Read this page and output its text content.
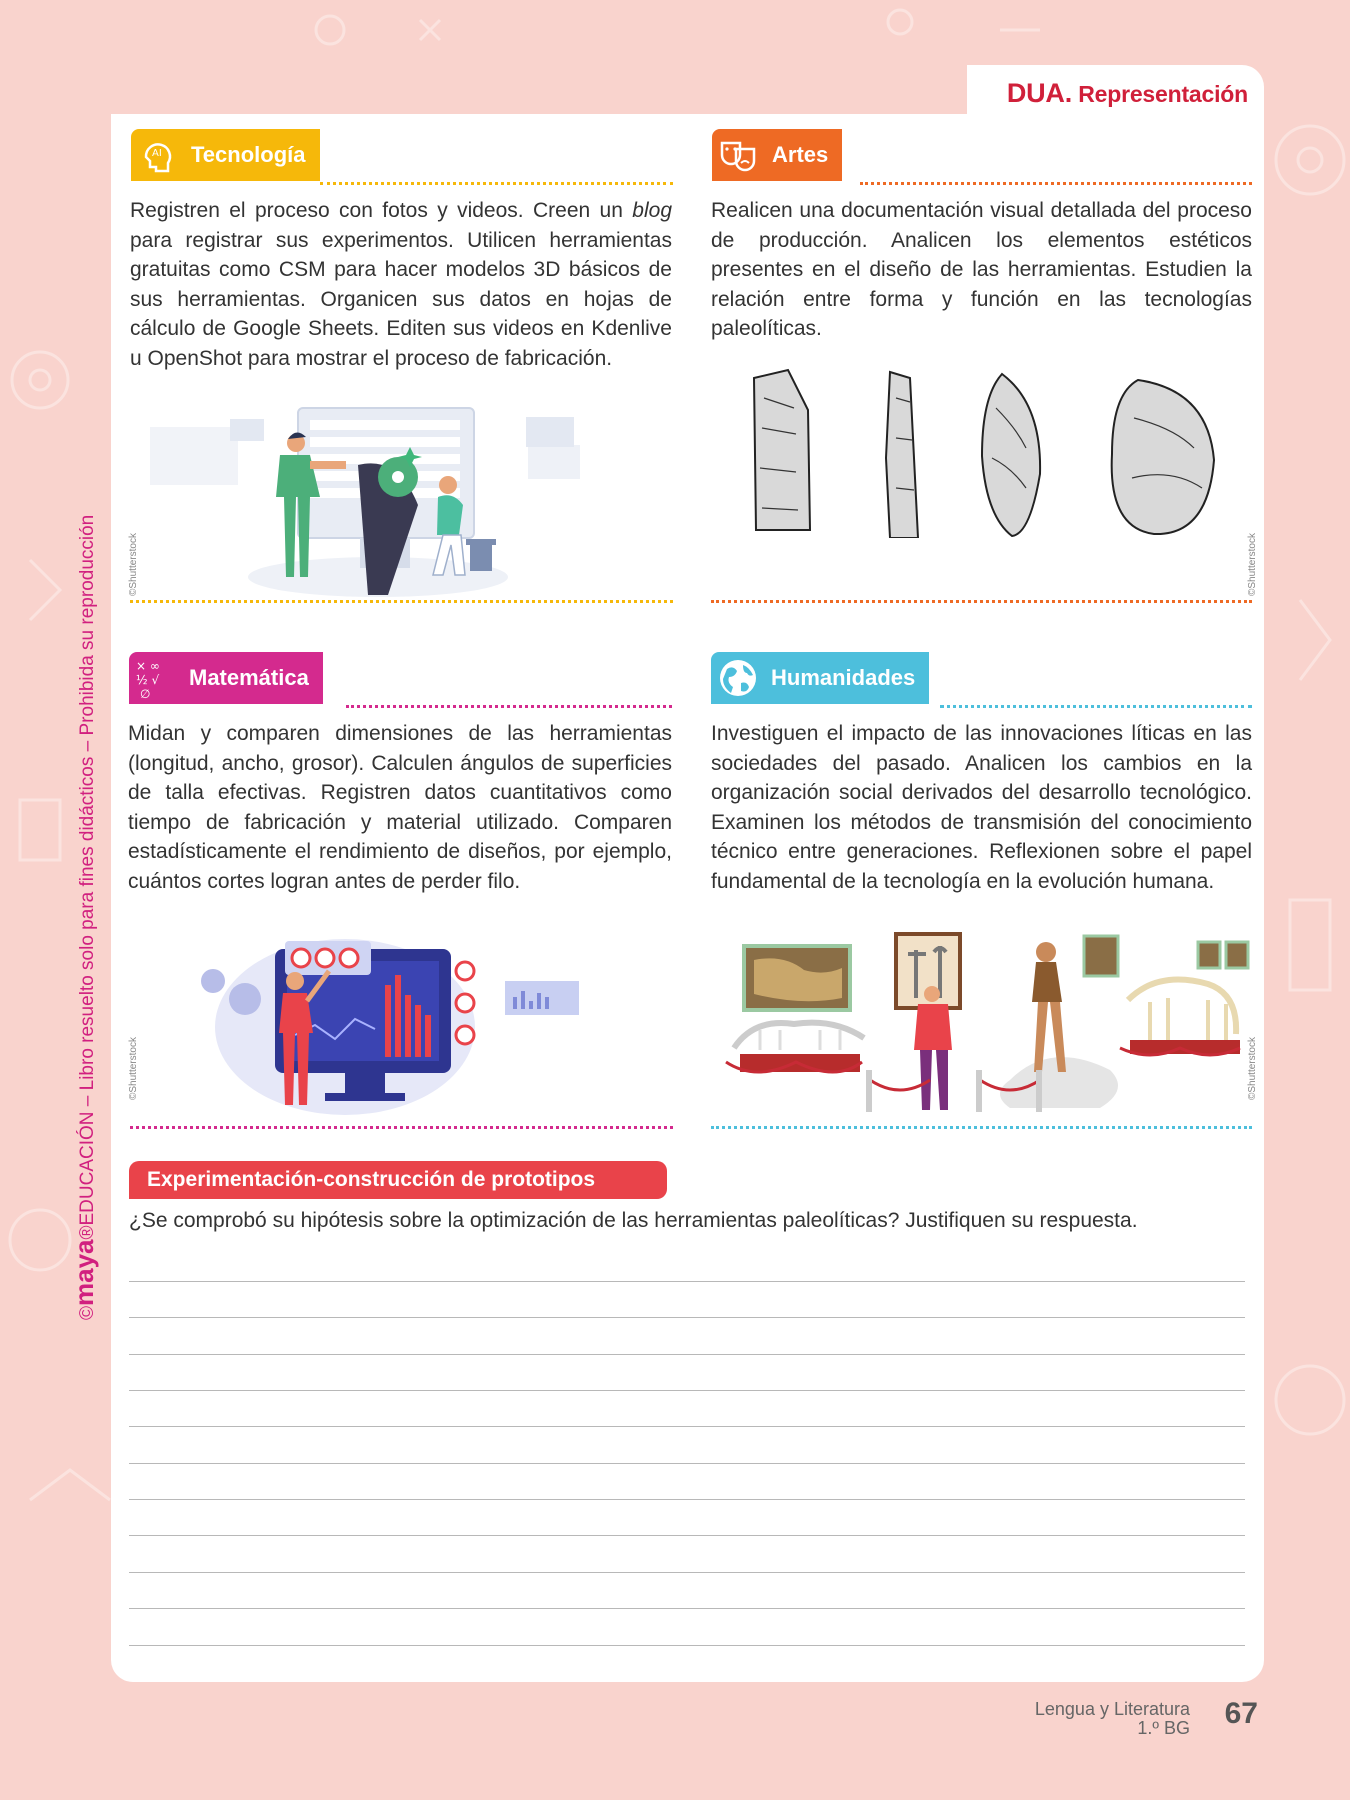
DUA. Representación
©maya®EDUCACIÓN – Libro resuelto solo para fines didácticos – Prohibida su reproducción
AI Tecnología
Registren el proceso con fotos y videos. Creen un blog para registrar sus experimentos. Utilicen herramientas gratuitas como CSM para hacer modelos 3D básicos de sus herramientas. Organicen sus datos en hojas de cálculo de Google Sheets. Editen sus videos en Kdenlive u OpenShot para mostrar el proceso de fabricación.
©Shutterstock
Artes
Realicen una documentación visual detallada del proceso de producción. Analicen los elementos estéticos presentes en el diseño de las herramientas. Estudien la relación entre forma y función en las tecnologías paleolíticas.
©Shutterstock
× ∞
½ √
∅
Matemática
Midan y comparen dimensiones de las herramientas (longitud, ancho, grosor). Calculen ángulos de superficies de talla efectivas. Registren datos cuantitativos como tiempo de fabricación y material utilizado. Comparen estadísticamente el rendimiento de diseños, por ejemplo, cuántos cortes logran antes de perder filo.
©Shutterstock
Humanidades
Investiguen el impacto de las innovaciones líticas en las sociedades del pasado. Analicen los cambios en la organización social derivados del desarrollo tecnológico. Examinen los métodos de transmisión del conocimiento técnico entre generaciones. Reflexionen sobre el papel fundamental de la tecnología en la evolución humana.
©Shutterstock
Experimentación-construcción de prototipos
¿Se comprobó su hipótesis sobre la optimización de las herramientas paleolíticas? Justifiquen su respuesta.
Lengua y Literatura
1.º BG 67
